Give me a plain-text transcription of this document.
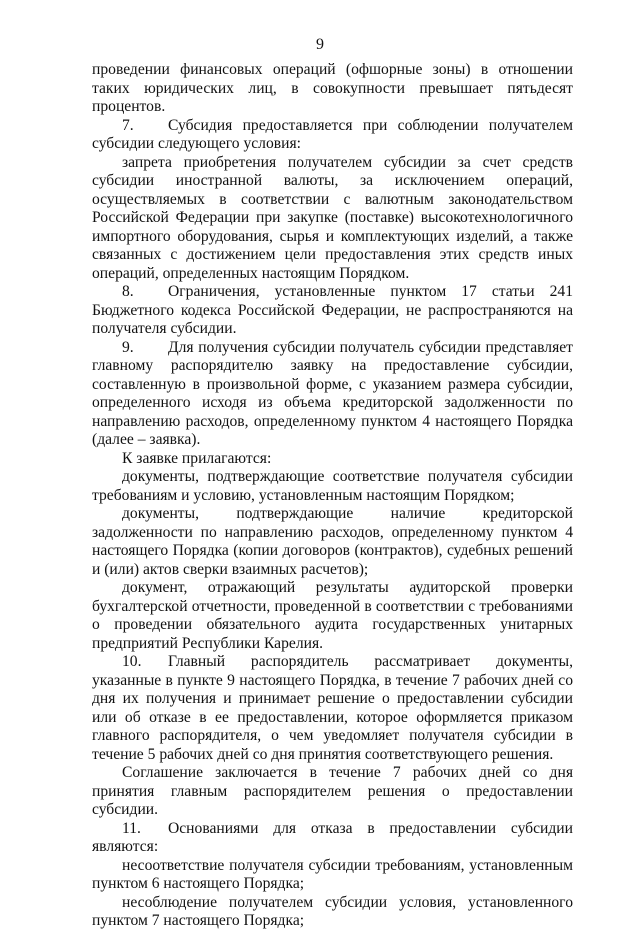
9

проведении финансовых операций (офшорные зоны) в отношении таких юридических лиц, в совокупности превышает пятьдесят процентов.

7. Субсидия предоставляется при соблюдении получателем субсидии следующего условия:

запрета приобретения получателем субсидии за счет средств субсидии иностранной валюты, за исключением операций, осуществляемых в соответствии с валютным законодательством Российской Федерации при закупке (поставке) высокотехнологичного импортного оборудования, сырья и комплектующих изделий, а также связанных с достижением цели предоставления этих средств иных операций, определенных настоящим Порядком.

8. Ограничения, установленные пунктом 17 статьи 241 Бюджетного кодекса Российской Федерации, не распространяются на получателя субсидии.

9. Для получения субсидии получатель субсидии представляет главному распорядителю заявку на предоставление субсидии, составленную в произвольной форме, с указанием размера субсидии, определенного исходя из объема кредиторской задолженности по направлению расходов, определенному пунктом 4 настоящего Порядка (далее – заявка).

К заявке прилагаются:

документы, подтверждающие соответствие получателя субсидии требованиям и условию, установленным настоящим Порядком;

документы, подтверждающие наличие кредиторской задолженности по направлению расходов, определенному пунктом 4 настоящего Порядка (копии договоров (контрактов), судебных решений и (или) актов сверки взаимных расчетов);

документ, отражающий результаты аудиторской проверки бухгалтерской отчетности, проведенной в соответствии с требованиями о проведении обязательного аудита государственных унитарных предприятий Республики Карелия.

10. Главный распорядитель рассматривает документы, указанные в пункте 9 настоящего Порядка, в течение 7 рабочих дней со дня их получения и принимает решение о предоставлении субсидии или об отказе в ее предоставлении, которое оформляется приказом главного распорядителя, о чем уведомляет получателя субсидии в течение 5 рабочих дней со дня принятия соответствующего решения.

Соглашение заключается в течение 7 рабочих дней со дня принятия главным распорядителем решения о предоставлении субсидии.

11. Основаниями для отказа в предоставлении субсидии являются:

несоответствие получателя субсидии требованиям, установленным пунктом 6 настоящего Порядка;

несоблюдение получателем субсидии условия, установленного пунктом 7 настоящего Порядка;
